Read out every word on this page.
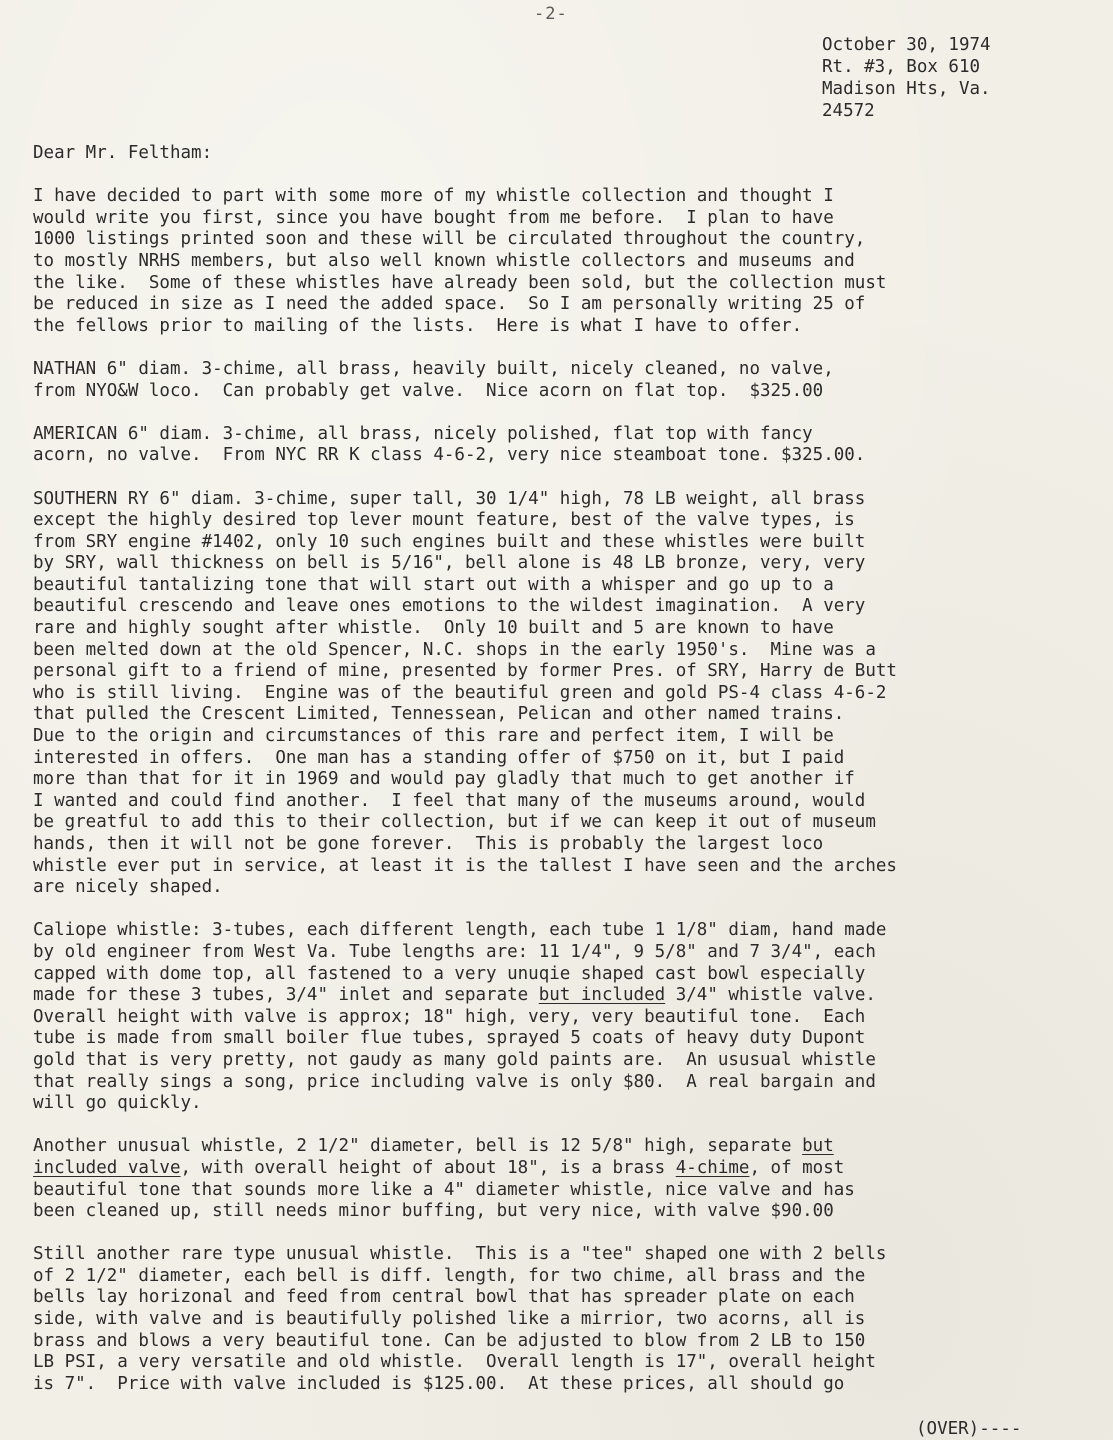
-2-
October 30, 1974
Rt. #3, Box 610
Madison Hts, Va.
24572

Dear Mr. Feltham:

I have decided to part with some more of my whistle collection and thought I
would write you first, since you have bought from me before.  I plan to have
1000 listings printed soon and these will be circulated throughout the country,
to mostly NRHS members, but also well known whistle collectors and museums and
the like.  Some of these whistles have already been sold, but the collection must
be reduced in size as I need the added space.  So I am personally writing 25 of
the fellows prior to mailing of the lists.  Here is what I have to offer.

NATHAN 6" diam. 3-chime, all brass, heavily built, nicely cleaned, no valve,
from NYO&W loco.  Can probably get valve.  Nice acorn on flat top.  $325.00

AMERICAN 6" diam. 3-chime, all brass, nicely polished, flat top with fancy
acorn, no valve.  From NYC RR K class 4-6-2, very nice steamboat tone. $325.00.

SOUTHERN RY 6" diam. 3-chime, super tall, 30 1/4" high, 78 LB weight, all brass
except the highly desired top lever mount feature, best of the valve types, is
from SRY engine #1402, only 10 such engines built and these whistles were built
by SRY, wall thickness on bell is 5/16", bell alone is 48 LB bronze, very, very
beautiful tantalizing tone that will start out with a whisper and go up to a
beautiful crescendo and leave ones emotions to the wildest imagination.  A very
rare and highly sought after whistle.  Only 10 built and 5 are known to have
been melted down at the old Spencer, N.C. shops in the early 1950's.  Mine was a
personal gift to a friend of mine, presented by former Pres. of SRY, Harry de Butt
who is still living.  Engine was of the beautiful green and gold PS-4 class 4-6-2
that pulled the Crescent Limited, Tennessean, Pelican and other named trains.
Due to the origin and circumstances of this rare and perfect item, I will be
interested in offers.  One man has a standing offer of $750 on it, but I paid
more than that for it in 1969 and would pay gladly that much to get another if
I wanted and could find another.  I feel that many of the museums around, would
be greatful to add this to their collection, but if we can keep it out of museum
hands, then it will not be gone forever.  This is probably the largest loco
whistle ever put in service, at least it is the tallest I have seen and the arches
are nicely shaped.

Caliope whistle: 3-tubes, each different length, each tube 1 1/8" diam, hand made
by old engineer from West Va. Tube lengths are: 11 1/4", 9 5/8" and 7 3/4", each
capped with dome top, all fastened to a very unuqie shaped cast bowl especially
made for these 3 tubes, 3/4" inlet and separate but included 3/4" whistle valve.
Overall height with valve is approx; 18" high, very, very beautiful tone.  Each
tube is made from small boiler flue tubes, sprayed 5 coats of heavy duty Dupont
gold that is very pretty, not gaudy as many gold paints are.  An ususual whistle
that really sings a song, price including valve is only $80.  A real bargain and
will go quickly.

Another unusual whistle, 2 1/2" diameter, bell is 12 5/8" high, separate but
included valve, with overall height of about 18", is a brass 4-chime, of most
beautiful tone that sounds more like a 4" diameter whistle, nice valve and has
been cleaned up, still needs minor buffing, but very nice, with valve $90.00

Still another rare type unusual whistle.  This is a "tee" shaped one with 2 bells
of 2 1/2" diameter, each bell is diff. length, for two chime, all brass and the
bells lay horizonal and feed from central bowl that has spreader plate on each
side, with valve and is beautifully polished like a mirrior, two acorns, all is
brass and blows a very beautiful tone. Can be adjusted to blow from 2 LB to 150
LB PSI, a very versatile and old whistle.  Overall length is 17", overall height
is 7".  Price with valve included is $125.00.  At these prices, all should go

(OVER)----
